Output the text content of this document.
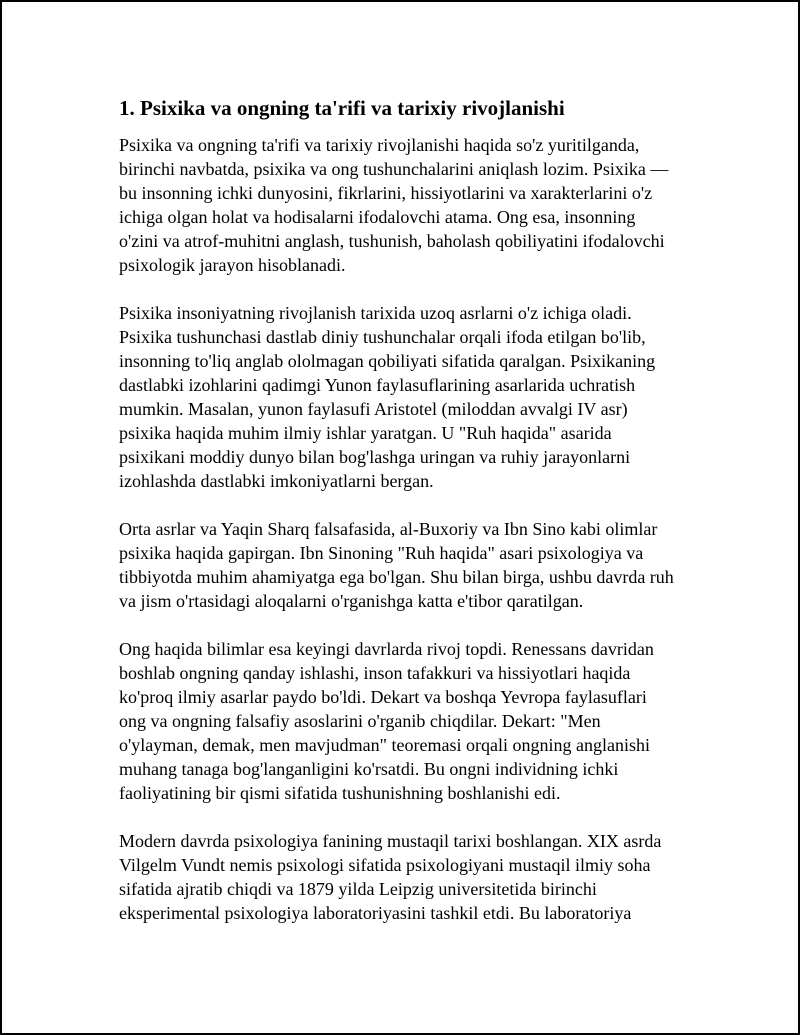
1. Psixika va ongning ta'rifi va tarixiy rivojlanishi

Psixika va ongning ta'rifi va tarixiy rivojlanishi haqida so'z yuritilganda,
birinchi navbatda, psixika va ong tushunchalarini aniqlash lozim. Psixika —
bu insonning ichki dunyosini, fikrlarini, hissiyotlarini va xarakterlarini o'z
ichiga olgan holat va hodisalarni ifodalovchi atama. Ong esa, insonning
o'zini va atrof-muhitni anglash, tushunish, baholash qobiliyatini ifodalovchi
psixologik jarayon hisoblanadi.

Psixika insoniyatning rivojlanish tarixida uzoq asrlarni o'z ichiga oladi.
Psixika tushunchasi dastlab diniy tushunchalar orqali ifoda etilgan bo'lib,
insonning to'liq anglab ololmagan qobiliyati sifatida qaralgan. Psixikaning
dastlabki izohlarini qadimgi Yunon faylasuflarining asarlarida uchratish
mumkin. Masalan, yunon faylasufi Aristotel (miloddan avvalgi IV asr)
psixika haqida muhim ilmiy ishlar yaratgan. U "Ruh haqida" asarida
psixikani moddiy dunyo bilan bog'lashga uringan va ruhiy jarayonlarni
izohlashda dastlabki imkoniyatlarni bergan.

Orta asrlar va Yaqin Sharq falsafasida, al-Buxoriy va Ibn Sino kabi olimlar
psixika haqida gapirgan. Ibn Sinoning "Ruh haqida" asari psixologiya va
tibbiyotda muhim ahamiyatga ega bo'lgan. Shu bilan birga, ushbu davrda ruh
va jism o'rtasidagi aloqalarni o'rganishga katta e'tibor qaratilgan.

Ong haqida bilimlar esa keyingi davrlarda rivoj topdi. Renessans davridan
boshlab ongning qanday ishlashi, inson tafakkuri va hissiyotlari haqida
ko'proq ilmiy asarlar paydo bo'ldi. Dekart va boshqa Yevropa faylasuflari
ong va ongning falsafiy asoslarini o'rganib chiqdilar. Dekart: "Men
o'ylayman, demak, men mavjudman" teoremasi orqali ongning anglanishi
muhang tanaga bog'langanligini ko'rsatdi. Bu ongni individning ichki
faoliyatining bir qismi sifatida tushunishning boshlanishi edi.

Modern davrda psixologiya fanining mustaqil tarixi boshlangan. XIX asrda
Vilgelm Vundt nemis psixologi sifatida psixologiyani mustaqil ilmiy soha
sifatida ajratib chiqdi va 1879 yilda Leipzig universitetida birinchi
eksperimental psixologiya laboratoriyasini tashkil etdi. Bu laboratoriya
